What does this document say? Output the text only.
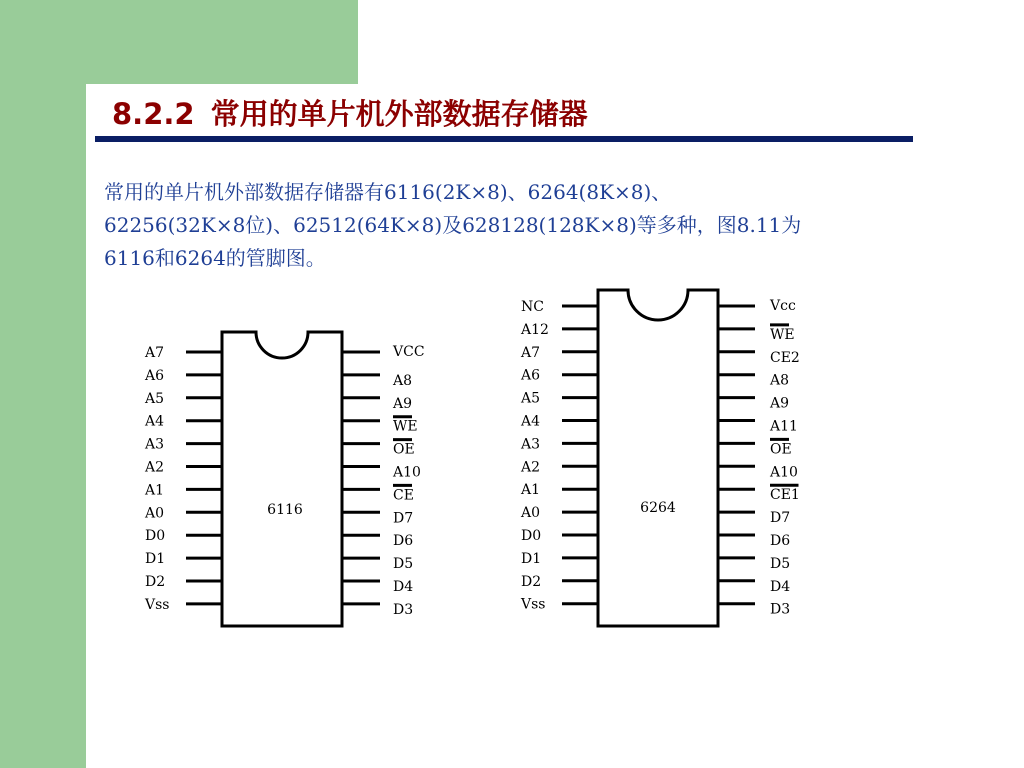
8.2.2 常用的单片机外部数据存储器
常用的单片机外部数据存储器有6116(2K×8)、6264(8K×8)、
62256(32K×8位)、62512(64K×8)及628128(128K×8)等多种，图8.11为
6116和6264的管脚图。
6116
A7
A6
A5
A4
A3
A2
A1
A0
D0
D1
D2
Vss
VCC
A8
A9
WE
OE
A10
CE
D7
D6
D5
D4
D3
6264
NC
A12
A7
A6
A5
A4
A3
A2
A1
A0
D0
D1
D2
Vss
Vcc
WE
CE2
A8
A9
A11
OE
A10
CE1
D7
D6
D5
D4
D3
